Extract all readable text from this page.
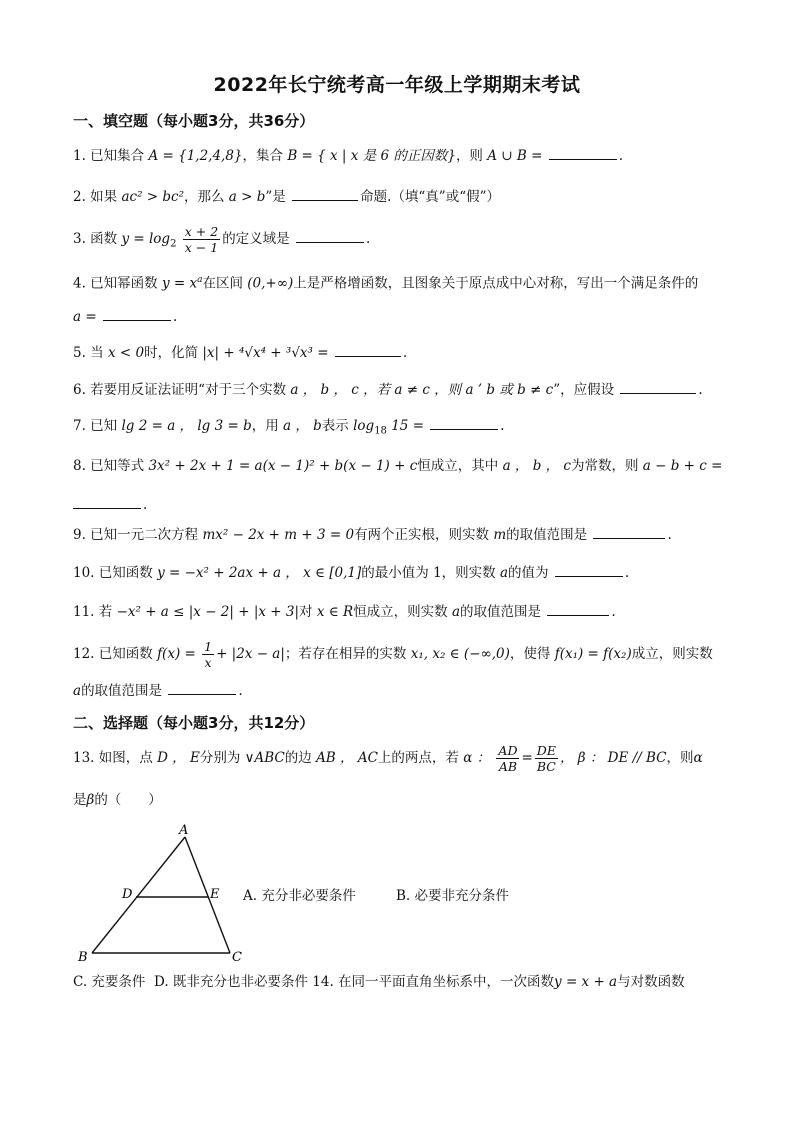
2022年长宁统考高一年级上学期期末考试
一、填空题（每小题3分，共36分）
1. 已知集合 A = {1,2,4,8}，集合 B = { x | x 是 6 的正因数}，则 A ∪ B =	.
2. 如果 ac² > bc²，那么 a > b”是	命题.（填“真”或“假”）
3. 函数 $y = \log_2 \frac{x + 2}{x - 1}$ 的定义域是	.
4. 已知幂函数 $y = x^a$在区间 (0,+∞)上是严格增函数，且图象关于原点成中心对称，写出一个满足条件的
a =	.
5. 当 x < 0时，化简 |x| + ⁴√x⁴ + ³√x³ =	.
6. 若要用反证法证明“对于三个实数 a ， b ， c ，若 a ≠ c ，则 a ’ b 或 b ≠ c”，应假设	.
7. 已知 lg 2 = a ， lg 3 = b，用 a ， b表示 $\log_{18} 15$ =	.
8. 已知等式 3x² + 2x + 1 = a(x − 1)² + b(x − 1) + c恒成立，其中 a ， b ， c为常数，则 a − b + c =
.
9. 已知一元二次方程 mx² − 2x + m + 3 = 0有两个正实根，则实数 m的取值范围是	.
10. 已知函数 y = −x² + 2ax + a ， x ∈ [0,1]的最小值为 1，则实数 a的值为	.
11. 若 −x² + a ≤ |x − 2| + |x + 3|对 x ∈ R恒成立，则实数 a的取值范围是	.
12. 已知函数 $f(x) = \frac{1}{x} + |2x - a|$；若存在相异的实数 x₁, x₂ ∈ (−∞,0)，使得 f(x₁) = f(x₂)成立，则实数
a的取值范围是	.
二、选择题（每小题3分，共12分）
13. 如图，点 D ， E分别为 ∨ABC的边 AB ， AC上的两点，若 α ： $\frac{AD}{AB} = \frac{DE}{BC}$ ， β ： DE // BC，则α
是β的（　　）
A
B	C
D	E A. 充分非必要条件	B. 必要非充分条件
C. 充要条件 D. 既非充分也非必要条件 14. 在同一平面直角坐标系中，一次函数y = x + a与对数函数
